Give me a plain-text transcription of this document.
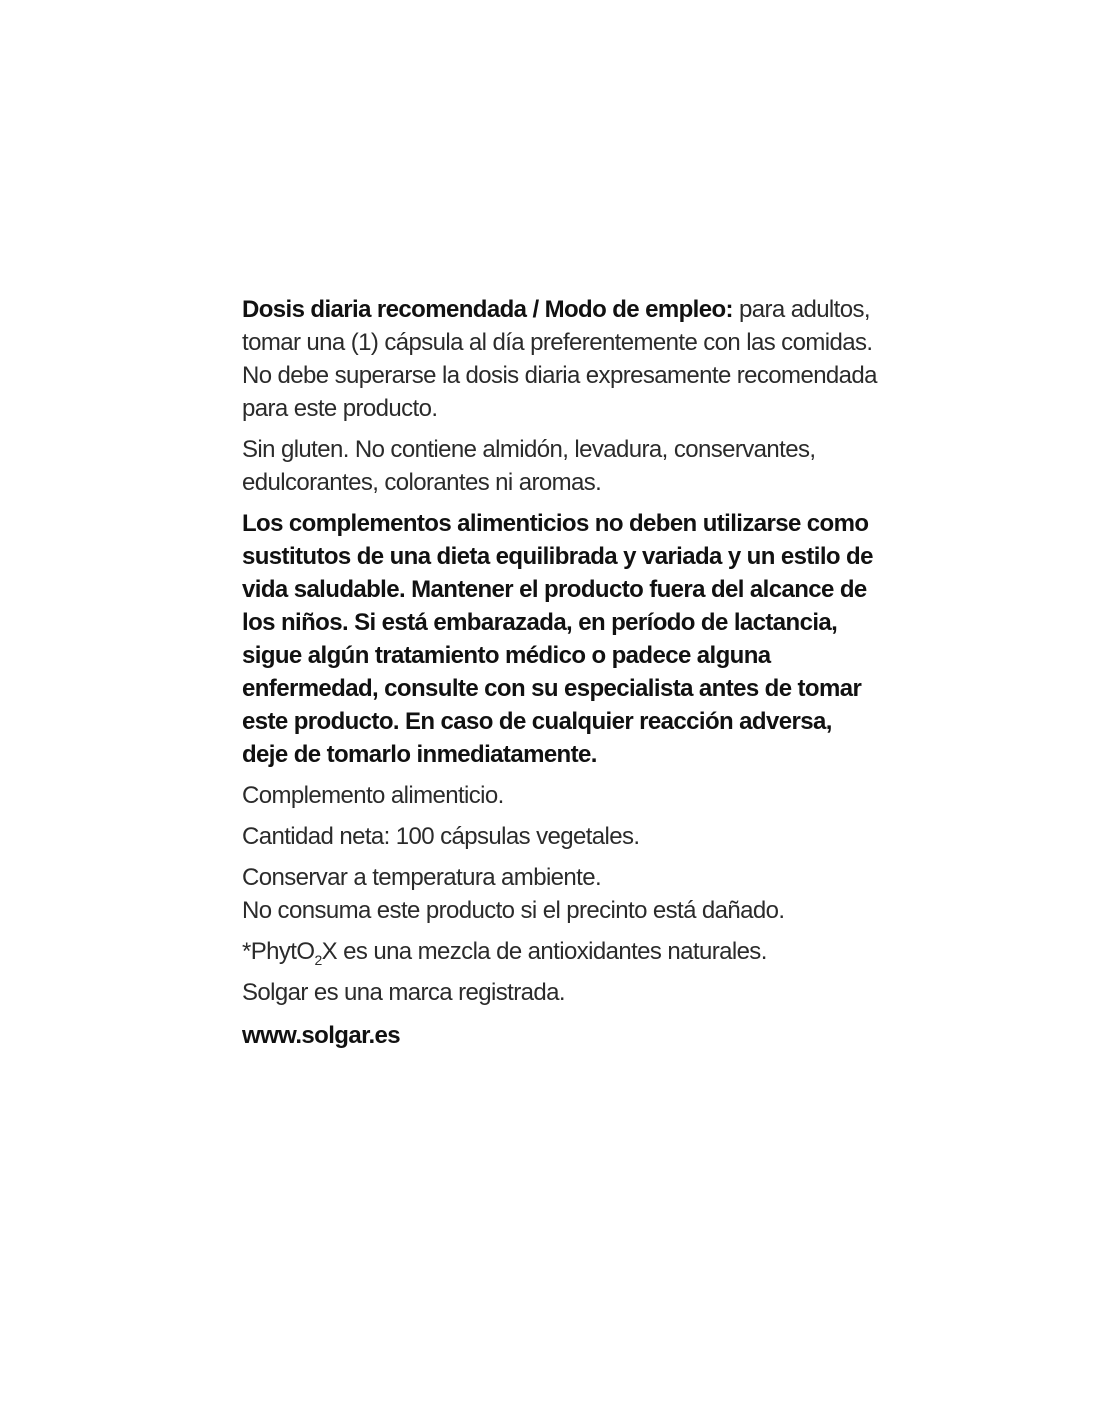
Dosis diaria recomendada / Modo de empleo: para adultos, tomar una (1) cápsula al día preferentemente con las comidas. No debe superarse la dosis diaria expresamente recomendada para este producto.

Sin gluten. No contiene almidón, levadura, conservantes, edulcorantes, colorantes ni aromas.

Los complementos alimenticios no deben utilizarse como sustitutos de una dieta equilibrada y variada y un estilo de vida saludable. Mantener el producto fuera del alcance de los niños. Si está embarazada, en período de lactancia, sigue algún tratamiento médico o padece alguna enfermedad, consulte con su especialista antes de tomar este producto. En caso de cualquier reacción adversa, deje de tomarlo inmediatamente.

Complemento alimenticio.

Cantidad neta: 100 cápsulas vegetales.

Conservar a temperatura ambiente.
No consuma este producto si el precinto está dañado.

*PhytO$_2$X es una mezcla de antioxidantes naturales.

Solgar es una marca registrada.

www.solgar.es
